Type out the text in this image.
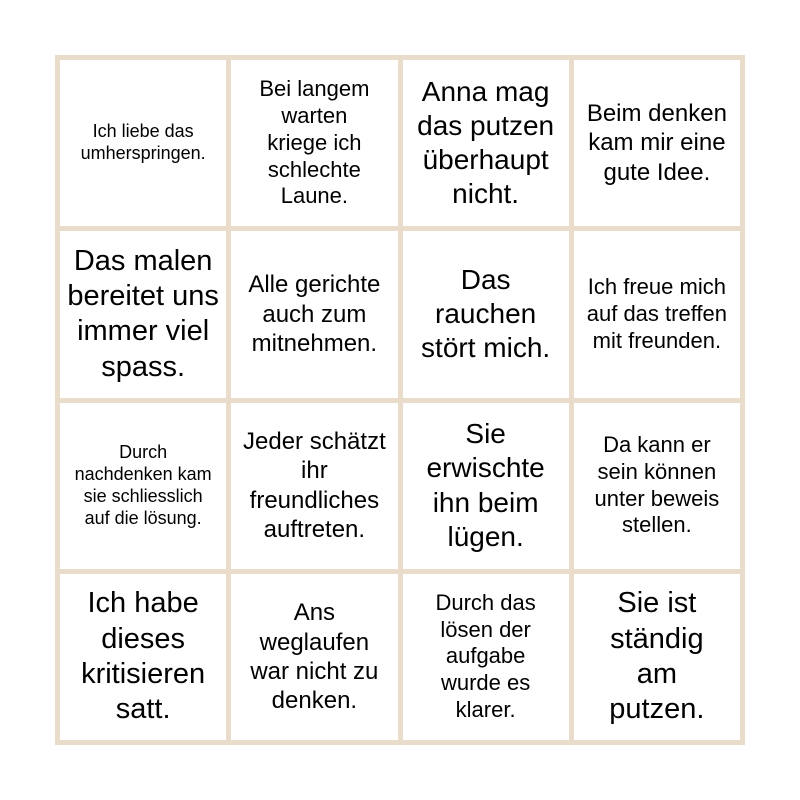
Ich liebe das umherspringen.
Bei langem warten kriege ich schlechte Laune.
Anna mag das putzen überhaupt nicht.
Beim denken kam mir eine gute Idee.
Das malen bereitet uns immer viel spass.
Alle gerichte auch zum mitnehmen.
Das rauchen stört mich.
Ich freue mich auf das treffen mit freunden.
Durch nachdenken kam sie schliesslich auf die lösung.
Jeder schätzt ihr freundliches auftreten.
Sie erwischte ihn beim lügen.
Da kann er sein können unter beweis stellen.
Ich habe dieses kritisieren satt.
Ans weglaufen war nicht zu denken.
Durch das lösen der aufgabe wurde es klarer.
Sie ist ständig am putzen.
